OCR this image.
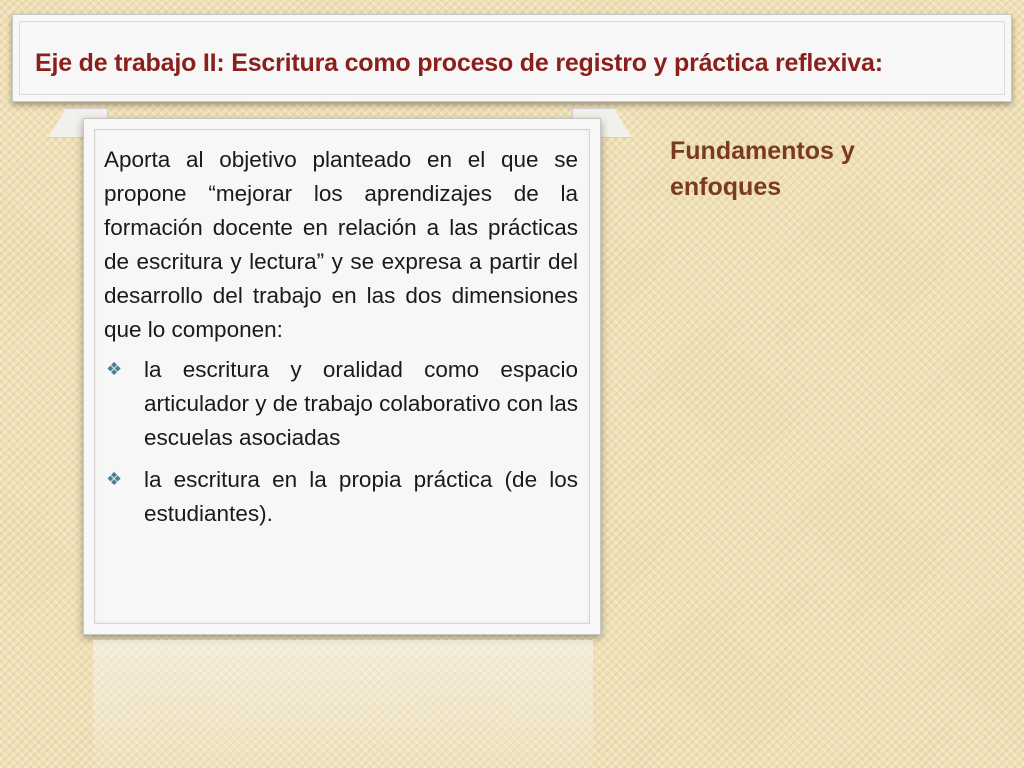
Eje de trabajo II: Escritura como proceso de registro y práctica reflexiva:

Aporta al objetivo planteado en el que se propone “mejorar los aprendizajes de la formación docente en relación a las prácticas de escritura y lectura” y se expresa a partir del desarrollo del trabajo en las dos dimensiones que lo componen:

❖ la escritura y oralidad como espacio articulador y de trabajo colaborativo con las escuelas asociadas
❖ la escritura en la propia práctica (de los estudiantes).
Fundamentos y enfoques
